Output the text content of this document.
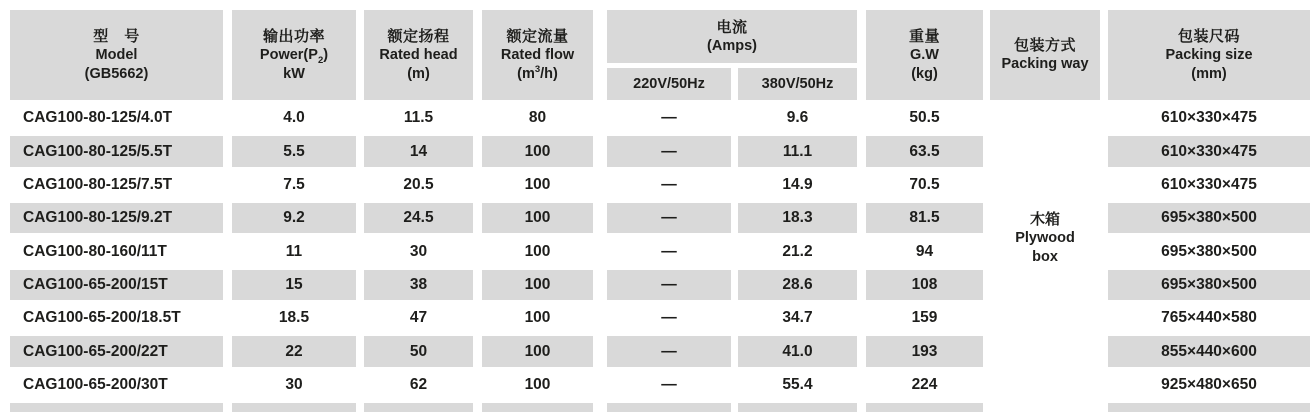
型　号
Model
(GB5662)
CAG100-80-125/4.0T
CAG100-80-125/5.5T
CAG100-80-125/7.5T
CAG100-80-125/9.2T
CAG100-80-160/11T
CAG100-65-200/15T
CAG100-65-200/18.5T
CAG100-65-200/22T
CAG100-65-200/30T
输出功率
$Power(P_2)$
kW
4.0
5.5
7.5
9.2
11
15
18.5
22
30
额定扬程
Rated head
(m)
11.5
14
20.5
24.5
30
38
47
50
62
额定流量
Rated flow
$(m^3/h)$
80
100
100
100
100
100
100
100
100
电流
(Amps)
220V/50Hz	380V/50Hz
—
—
—
—
—
—
—
—
—
9.6
11.1
14.9
18.3
21.2
28.6
34.7
41.0
55.4
重量
G.W
(kg)
50.5
63.5
70.5
81.5
94
108
159
193
224
包装方式
Packing way
木箱
Plywood
box
包装尺码
Packing size
(mm)
610×330×475
610×330×475
610×330×475
695×380×500
695×380×500
695×380×500
765×440×580
855×440×600
925×480×650
